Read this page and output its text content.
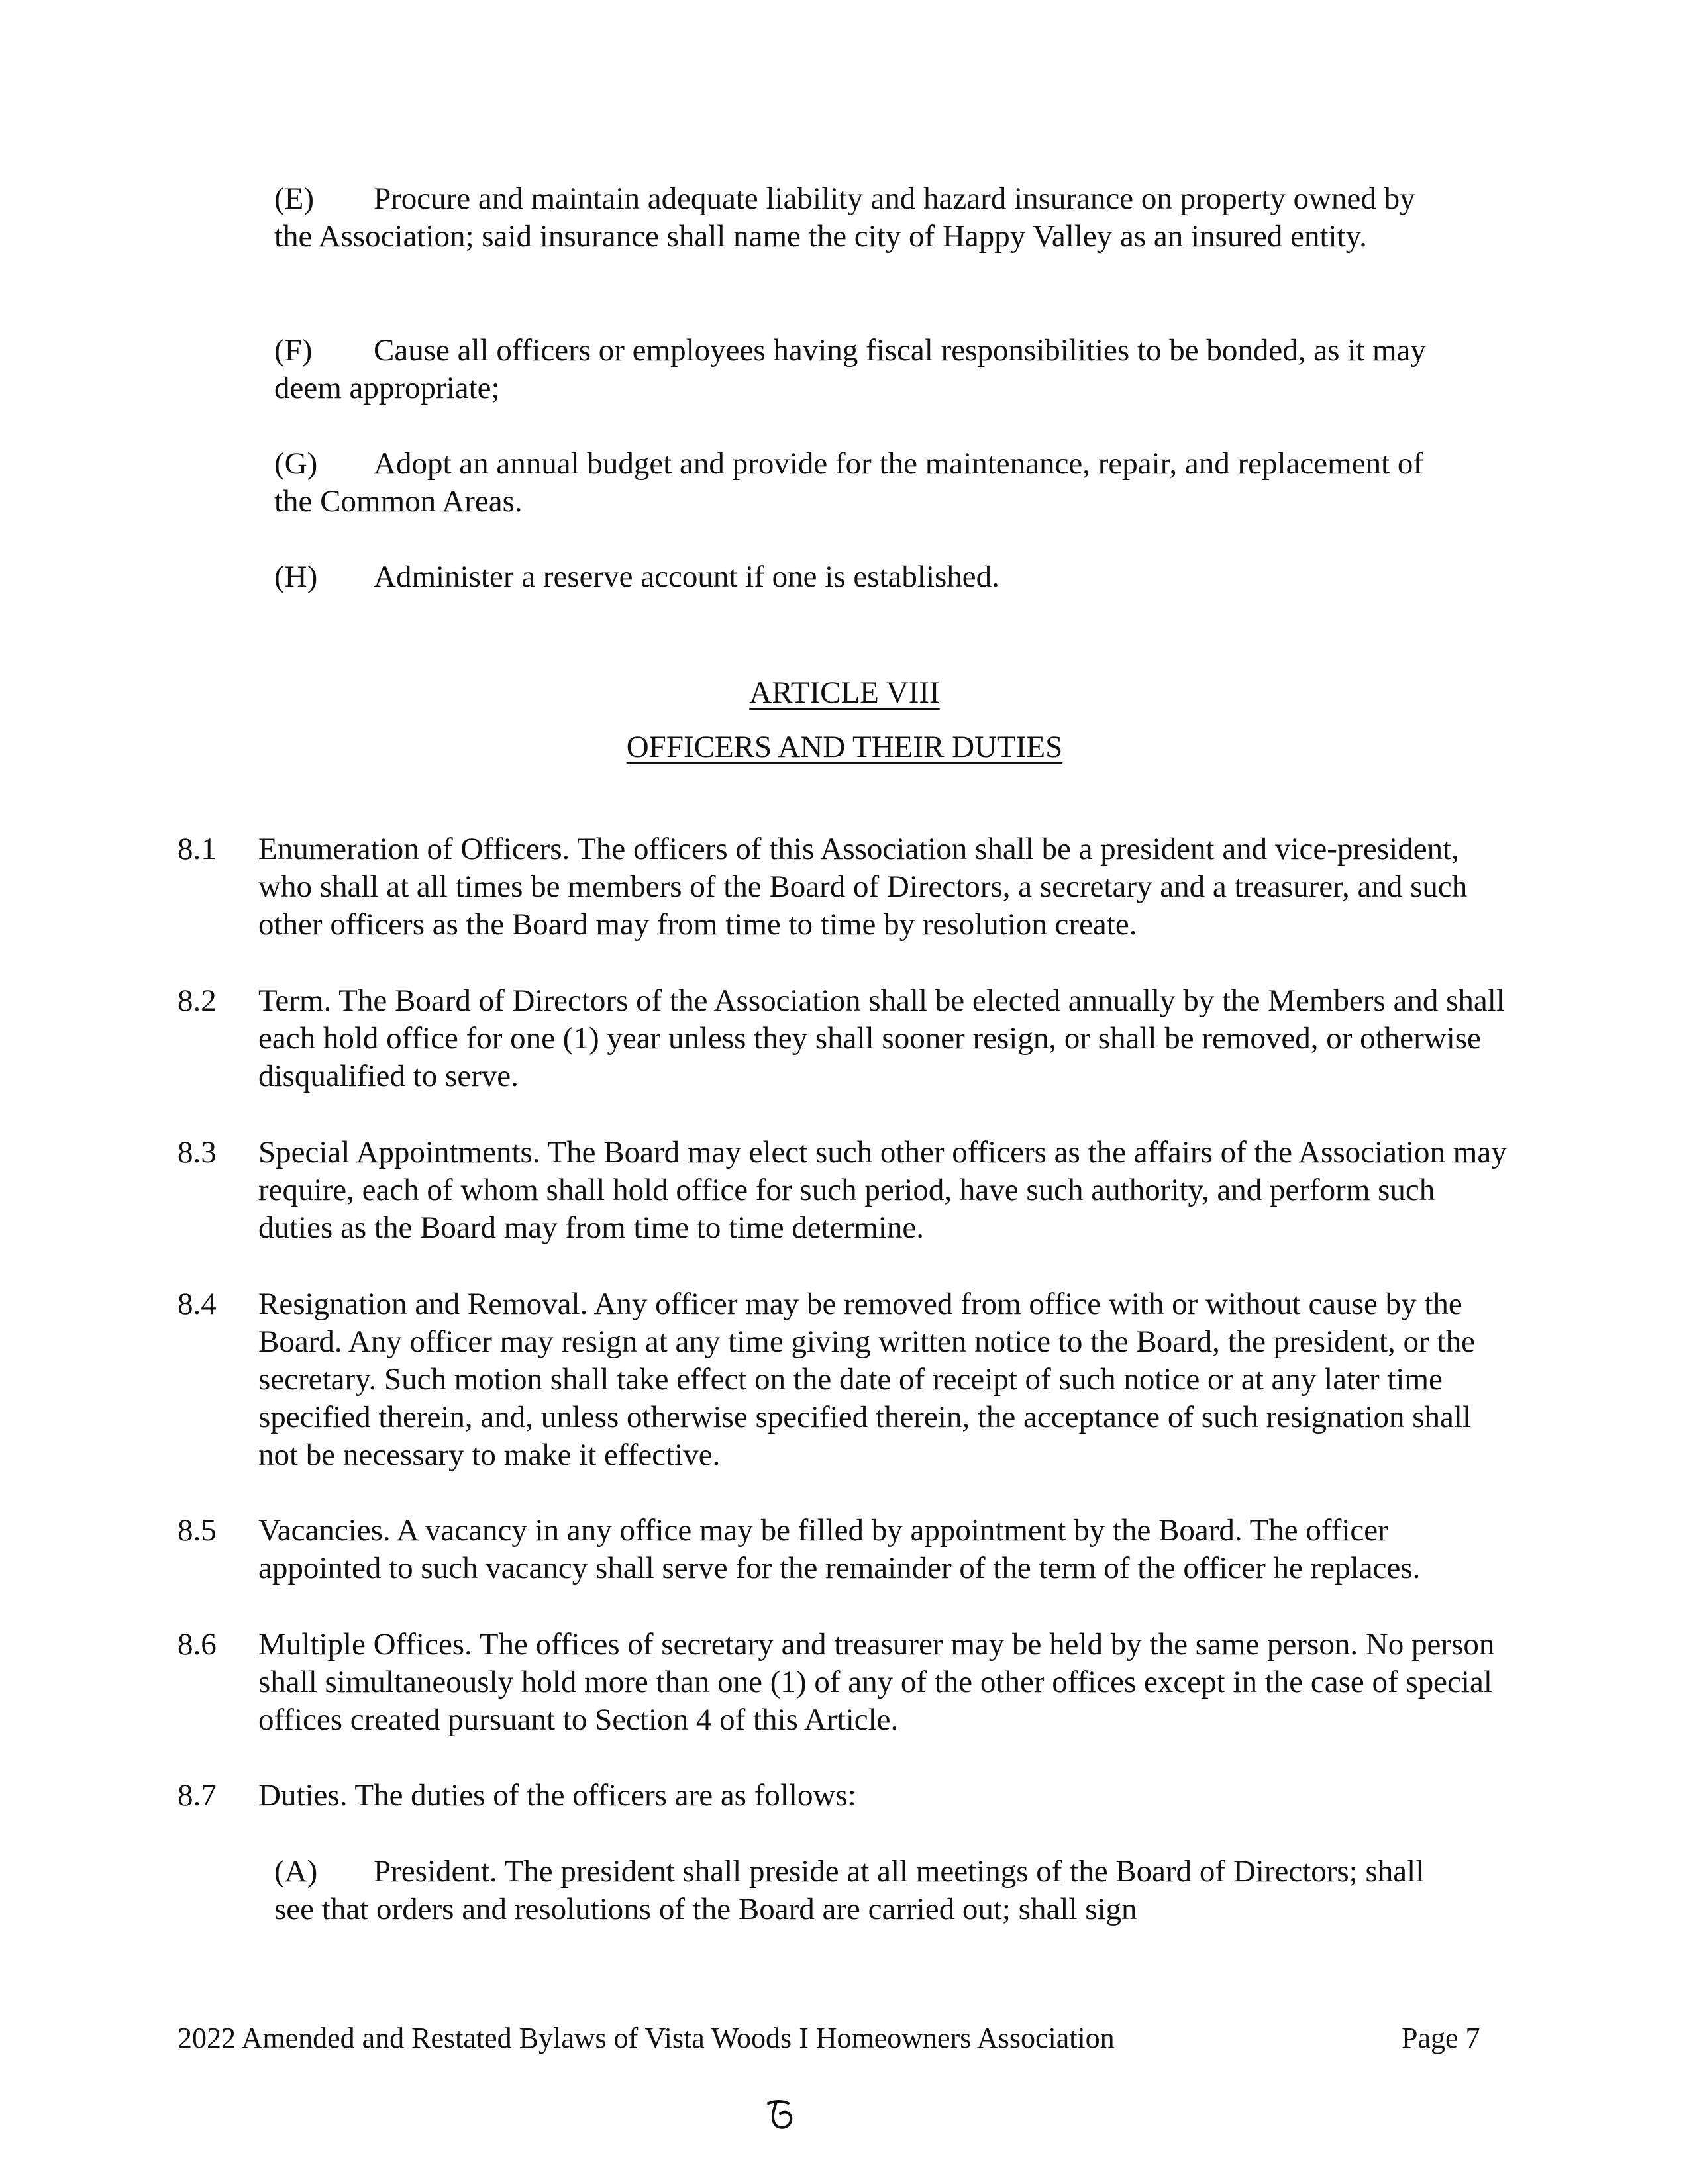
(E) Procure and maintain adequate liability and hazard insurance on property owned by the Association; said insurance shall name the city of Happy Valley as an insured entity.

(F) Cause all officers or employees having fiscal responsibilities to be bonded, as it may deem appropriate;

(G) Adopt an annual budget and provide for the maintenance, repair, and replacement of the Common Areas.

(H) Administer a reserve account if one is established.

ARTICLE VIII
OFFICERS AND THEIR DUTIES
8.1 Enumeration of Officers. The officers of this Association shall be a president and vice-president, who shall at all times be members of the Board of Directors, a secretary and a treasurer, and such other officers as the Board may from time to time by resolution create.
8.2 Term. The Board of Directors of the Association shall be elected annually by the Members and shall each hold office for one (1) year unless they shall sooner resign, or shall be removed, or otherwise disqualified to serve.
8.3 Special Appointments. The Board may elect such other officers as the affairs of the Association may require, each of whom shall hold office for such period, have such authority, and perform such duties as the Board may from time to time determine.
8.4 Resignation and Removal. Any officer may be removed from office with or without cause by the Board. Any officer may resign at any time giving written notice to the Board, the president, or the secretary. Such motion shall take effect on the date of receipt of such notice or at any later time specified therein, and, unless otherwise specified therein, the acceptance of such resignation shall not be necessary to make it effective.
8.5 Vacancies. A vacancy in any office may be filled by appointment by the Board. The officer appointed to such vacancy shall serve for the remainder of the term of the officer he replaces.
8.6 Multiple Offices. The offices of secretary and treasurer may be held by the same person. No person shall simultaneously hold more than one (1) of any of the other offices except in the case of special offices created pursuant to Section 4 of this Article.
8.7 Duties. The duties of the officers are as follows:

(A) President. The president shall preside at all meetings of the Board of Directors; shall see that orders and resolutions of the Board are carried out; shall sign

2022 Amended and Restated Bylaws of Vista Woods I Homeowners Association	Page 7
